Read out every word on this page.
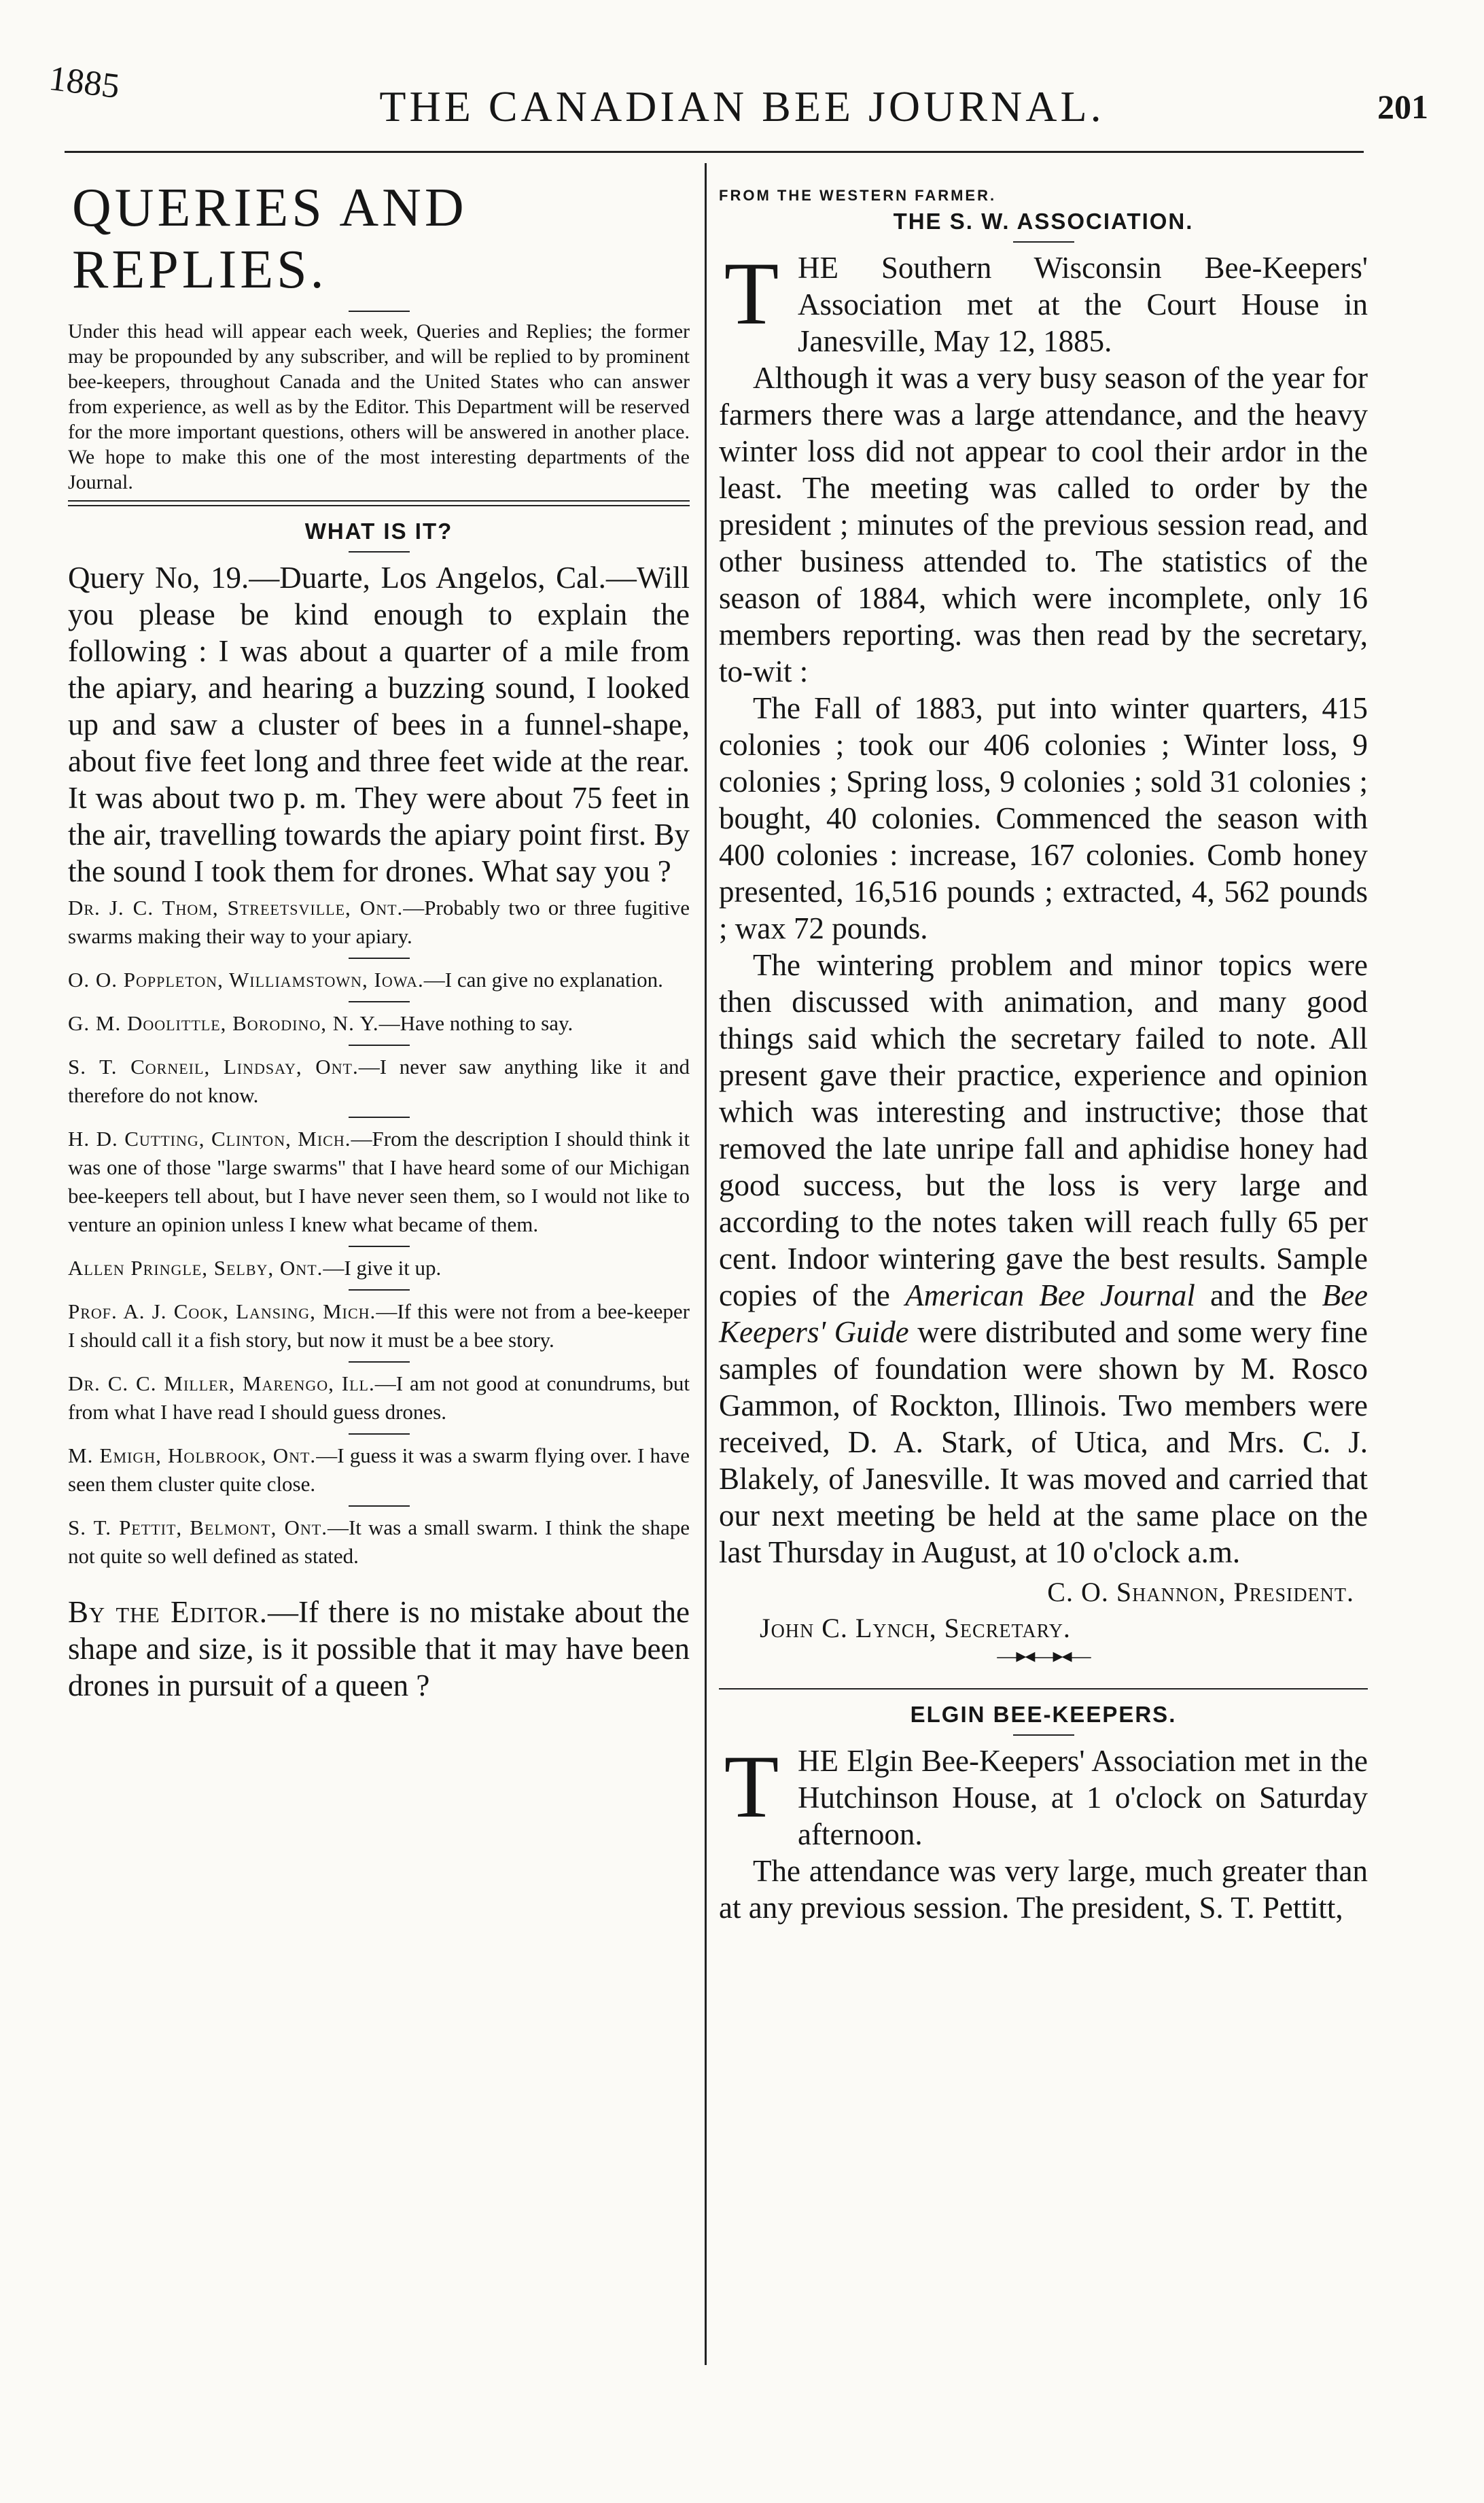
1885	THE CANADIAN BEE JOURNAL.	201
QUERIES AND REPLIES.

Under this head will appear each week, Queries and Replies; the former may be propounded by any subscriber, and will be replied to by prominent bee-keepers, throughout Canada and the United States who can answer from experience, as well as by the Editor. This Department will be reserved for the more important questions, others will be answered in another place. We hope to make this one of the most interesting departments of the Journal.

WHAT IS IT?

Query No, 19.—Duarte, Los Angelos, Cal.—Will you please be kind enough to explain the following : I was about a quarter of a mile from the apiary, and hearing a buzzing sound, I looked up and saw a cluster of bees in a funnel-shape, about five feet long and three feet wide at the rear. It was about two p. m. They were about 75 feet in the air, travelling towards the apiary point first. By the sound I took them for drones. What say you ?

Dr. J. C. Thom, Streetsville, Ont.—Probably two or three fugitive swarms making their way to your apiary.

O. O. Poppleton, Williamstown, Iowa.—I can give no explanation.

G. M. Doolittle, Borodino, N. Y.—Have nothing to say.

S. T. Corneil, Lindsay, Ont.—I never saw anything like it and therefore do not know.

H. D. Cutting, Clinton, Mich.—From the description I should think it was one of those "large swarms" that I have heard some of our Michigan bee-keepers tell about, but I have never seen them, so I would not like to venture an opinion unless I knew what became of them.

Allen Pringle, Selby, Ont.—I give it up.

Prof. A. J. Cook, Lansing, Mich.—If this were not from a bee-keeper I should call it a fish story, but now it must be a bee story.

Dr. C. C. Miller, Marengo, Ill.—I am not good at conundrums, but from what I have read I should guess drones.

M. Emigh, Holbrook, Ont.—I guess it was a swarm flying over. I have seen them cluster quite close.

S. T. Pettit, Belmont, Ont.—It was a small swarm. I think the shape not quite so well defined as stated.

By the Editor.—If there is no mistake about the shape and size, is it possible that it may have been drones in pursuit of a queen ?

FROM THE WESTERN FARMER.
THE S. W. ASSOCIATION.

THE Southern Wisconsin Bee-Keepers' Association met at the Court House in Janesville, May 12, 1885.

Although it was a very busy season of the year for farmers there was a large attendance, and the heavy winter loss did not appear to cool their ardor in the least. The meeting was called to order by the president ; minutes of the previous session read, and other business attended to. The statistics of the season of 1884, which were incomplete, only 16 members reporting. was then read by the secretary, to-wit :

The Fall of 1883, put into winter quarters, 415 colonies ; took our 406 colonies ; Winter loss, 9 colonies ; Spring loss, 9 colonies ; sold 31 colonies ; bought, 40 colonies. Commenced the season with 400 colonies : increase, 167 colonies. Comb honey presented, 16,516 pounds ; extracted, 4, 562 pounds ; wax 72 pounds.

The wintering problem and minor topics were then discussed with animation, and many good things said which the secretary failed to note. All present gave their practice, experience and opinion which was interesting and instructive; those that removed the late unripe fall and aphidise honey had good success, but the loss is very large and according to the notes taken will reach fully 65 per cent. Indoor wintering gave the best results. Sample copies of the American Bee Journal and the Bee Keepers' Guide were distributed and some wery fine samples of foundation were shown by M. Rosco Gammon, of Rockton, Illinois. Two members were received, D. A. Stark, of Utica, and Mrs. C. J. Blakely, of Janesville. It was moved and carried that our next meeting be held at the same place on the last Thursday in August, at 10 o'clock a.m.

C. O. Shannon, President.
John C. Lynch, Secretary.
—▸◂—▸◂—
ELGIN BEE-KEEPERS.

THE Elgin Bee-Keepers' Association met in the Hutchinson House, at 1 o'clock on Saturday afternoon.

The attendance was very large, much greater than at any previous session. The president, S. T. Pettitt,
